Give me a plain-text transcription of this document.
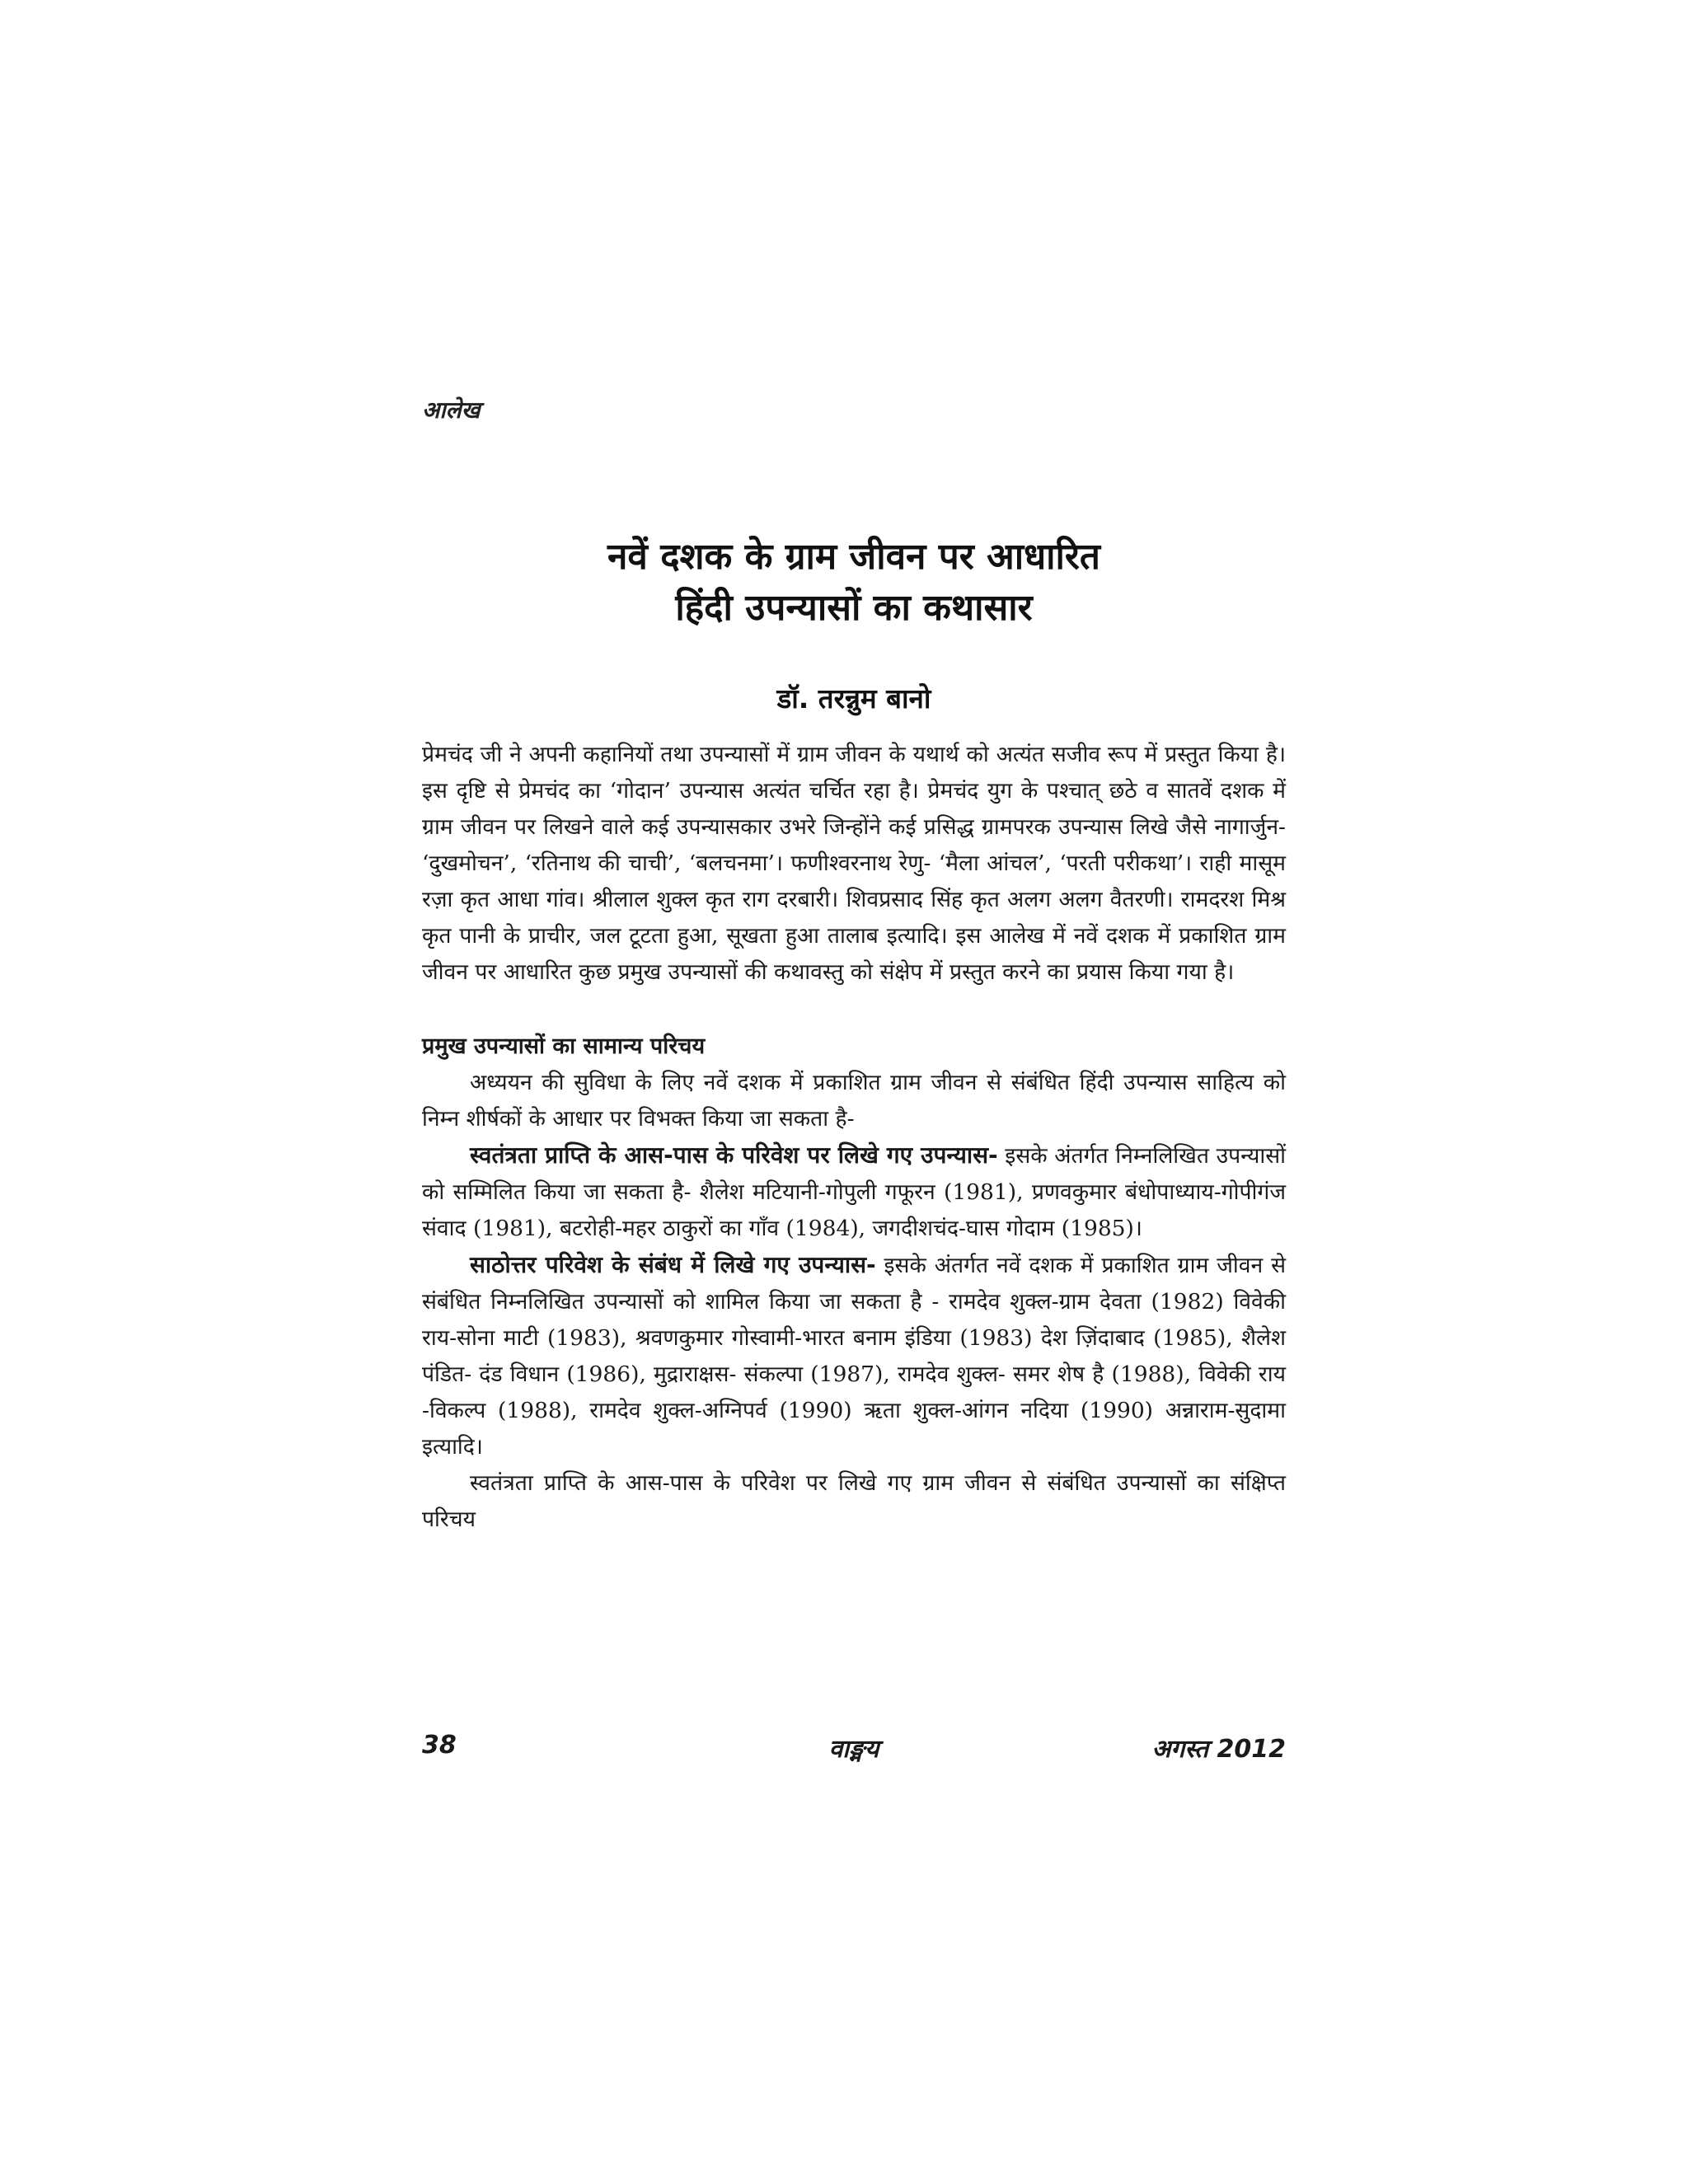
आलेख
नवें दशक के ग्राम जीवन पर आधारित
हिंदी उपन्यासों का कथासार
डॉ. तरन्नुम बानो

प्रेमचंद जी ने अपनी कहानियों तथा उपन्यासों में ग्राम जीवन के यथार्थ को अत्यंत सजीव रूप में प्रस्तुत किया है। इस दृष्टि से प्रेमचंद का ‘गोदान’ उपन्यास अत्यंत चर्चित रहा है। प्रेमचंद युग के पश्चात् छठे व सातवें दशक में ग्राम जीवन पर लिखने वाले कई उपन्यासकार उभरे जिन्होंने कई प्रसिद्ध ग्रामपरक उपन्यास लिखे जैसे नागार्जुन- ‘दुखमोचन’, ‘रतिनाथ की चाची’, ‘बलचनमा’। फणीश्वरनाथ रेणु- ‘मैला आंचल’, ‘परती परीकथा’। राही मासूम रज़ा कृत आधा गांव। श्रीलाल शुक्ल कृत राग दरबारी। शिवप्रसाद सिंह कृत अलग अलग वैतरणी। रामदरश मिश्र कृत पानी के प्राचीर, जल टूटता हुआ, सूखता हुआ तालाब इत्यादि। इस आलेख में नवें दशक में प्रकाशित ग्राम जीवन पर आधारित कुछ प्रमुख उपन्यासों की कथावस्तु को संक्षेप में प्रस्तुत करने का प्रयास किया गया है।

प्रमुख उपन्यासों का सामान्य परिचय

अध्ययन की सुविधा के लिए नवें दशक में प्रकाशित ग्राम जीवन से संबंधित हिंदी उपन्यास साहित्य को निम्न शीर्षकों के आधार पर विभक्त किया जा सकता है-

स्वतंत्रता प्राप्ति के आस-पास के परिवेश पर लिखे गए उपन्यास- इसके अंतर्गत निम्नलिखित उपन्यासों को सम्मिलित किया जा सकता है- शैलेश मटियानी-गोपुली गफूरन (1981), प्रणवकुमार बंधोपाध्याय-गोपीगंज संवाद (1981), बटरोही-महर ठाकुरों का गाँव (1984), जगदीशचंद-घास गोदाम (1985)।

साठोत्तर परिवेश के संबंध में लिखे गए उपन्यास- इसके अंतर्गत नवें दशक में प्रकाशित ग्राम जीवन से संबंधित निम्नलिखित उपन्यासों को शामिल किया जा सकता है - रामदेव शुक्ल-ग्राम देवता (1982) विवेकी राय-सोना माटी (1983), श्रवणकुमार गोस्वामी-भारत बनाम इंडिया (1983) देश ज़िंदाबाद (1985), शैलेश पंडित- दंड विधान (1986), मुद्राराक्षस- संकल्पा (1987), रामदेव शुक्ल- समर शेष है (1988), विवेकी राय -विकल्प (1988), रामदेव शुक्ल-अग्निपर्व (1990) ऋता शुक्ल-आंगन नदिया (1990) अन्नाराम-सुदामा इत्यादि।

स्वतंत्रता प्राप्ति के आस-पास के परिवेश पर लिखे गए ग्राम जीवन से संबंधित उपन्यासों का संक्षिप्त परिचय

38	वाङ्मय	अगस्त 2012
